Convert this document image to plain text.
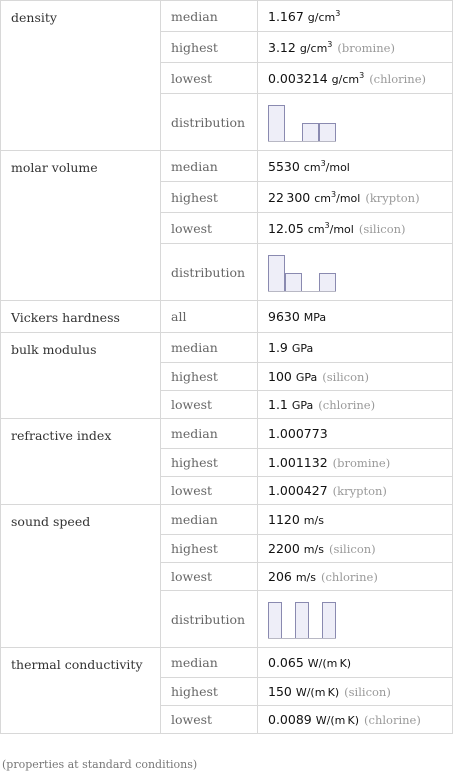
density	median	1.167 $g/cm^3$
	highest	3.12 $g/cm^3$ (bromine)
	lowest	0.003214 $g/cm^3$ (chlorine)
	distribution	

molar volume	median	5530 $cm^3$/mol
	highest	22 300 $cm^3$/mol (krypton)
	lowest	12.05 $cm^3$/mol (silicon)
	distribution	

Vickers hardness	all	9630 MPa
bulk modulus	median	1.9 GPa
	highest	100 GPa (silicon)
	lowest	1.1 GPa (chlorine)
refractive index	median	1.000773
	highest	1.001132 (bromine)
	lowest	1.000427 (krypton)
sound speed	median	1120 m/s
	highest	2200 m/s (silicon)
	lowest	206 m/s (chlorine)
	distribution	

thermal conductivity	median	0.065 W/(m K)
	highest	150 W/(m K) (silicon)
	lowest	0.0089 W/(m K) (chlorine)
(properties at standard conditions)
